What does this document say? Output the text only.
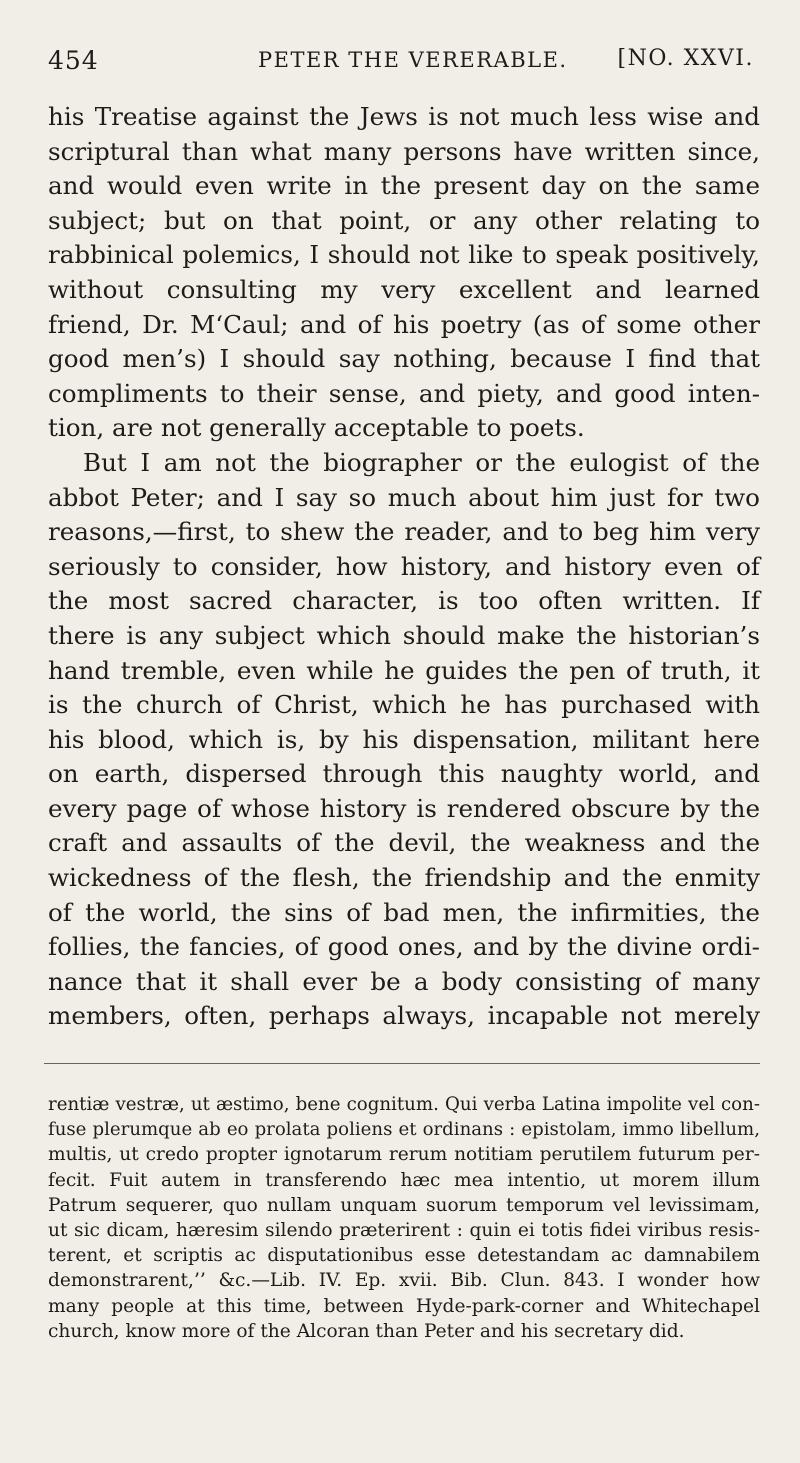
454	PETER THE VERERABLE. [NO. XXVI.
his Treatise against the Jews is not much less wise and
scriptural than what many persons have written since,
and would even write in the present day on the same
subject; but on that point, or any other relating to
rabbinical polemics, I should not like to speak positively,
without consulting my very excellent and learned
friend, Dr. M‘Caul; and of his poetry (as of some other
good men’s) I should say nothing, because I find that
compliments to their sense, and piety, and good inten-
tion, are not generally acceptable to poets.
But I am not the biographer or the eulogist of the
abbot Peter; and I say so much about him just for two
reasons,—first, to shew the reader, and to beg him very
seriously to consider, how history, and history even of
the most sacred character, is too often written. If
there is any subject which should make the historian’s
hand tremble, even while he guides the pen of truth, it
is the church of Christ, which he has purchased with
his blood, which is, by his dispensation, militant here
on earth, dispersed through this naughty world, and
every page of whose history is rendered obscure by the
craft and assaults of the devil, the weakness and the
wickedness of the flesh, the friendship and the enmity
of the world, the sins of bad men, the infirmities, the
follies, the fancies, of good ones, and by the divine ordi-
nance that it shall ever be a body consisting of many
members, often, perhaps always, incapable not merely
rentiæ vestræ, ut æstimo, bene cognitum. Qui verba Latina impolite vel con-
fuse plerumque ab eo prolata poliens et ordinans : epistolam, immo libellum,
multis, ut credo propter ignotarum rerum notitiam perutilem futurum per-
fecit. Fuit autem in transferendo hæc mea intentio, ut morem illum
Patrum sequerer, quo nullam unquam suorum temporum vel levissimam,
ut sic dicam, hæresim silendo præterirent : quin ei totis fidei viribus resis-
terent, et scriptis ac disputationibus esse detestandam ac damnabilem
demonstrarent,’’ &c.—Lib. IV. Ep. xvii. Bib. Clun. 843. I wonder how
many people at this time, between Hyde-park-corner and Whitechapel
church, know more of the Alcoran than Peter and his secretary did.
